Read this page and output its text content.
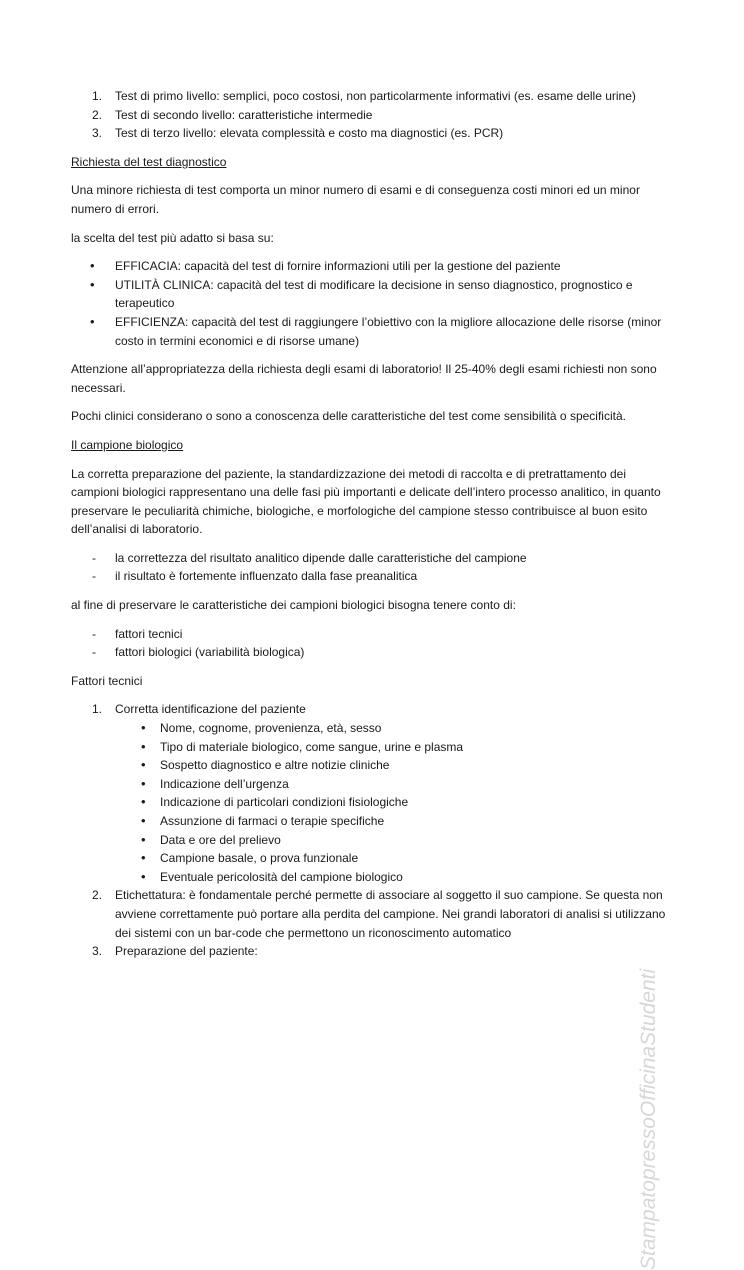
1. Test di primo livello: semplici, poco costosi, non particolarmente informativi (es. esame delle urine)
2. Test di secondo livello: caratteristiche intermedie
3. Test di terzo livello: elevata complessità e costo ma diagnostici (es. PCR)

Richiesta del test diagnostico

Una minore richiesta di test comporta un minor numero di esami e di conseguenza costi minori ed un minor numero di errori.

la scelta del test più adatto si basa su:

• EFFICACIA: capacità del test di fornire informazioni utili per la gestione del paziente
• UTILITÀ CLINICA: capacità del test di modificare la decisione in senso diagnostico, prognostico e terapeutico
• EFFICIENZA: capacità del test di raggiungere l’obiettivo con la migliore allocazione delle risorse (minor costo in termini economici e di risorse umane)

Attenzione all’appropriatezza della richiesta degli esami di laboratorio! Il 25-40% degli esami richiesti non sono necessari.

Pochi clinici considerano o sono a conoscenza delle caratteristiche del test come sensibilità o specificità.

Il campione biologico

La corretta preparazione del paziente, la standardizzazione dei metodi di raccolta e di pretrattamento dei campioni biologici rappresentano una delle fasi più importanti e delicate dell’intero processo analitico, in quanto preservare le peculiarità chimiche, biologiche, e morfologiche del campione stesso contribuisce al buon esito dell’analisi di laboratorio.

- la correttezza del risultato analitico dipende dalle caratteristiche del campione
- il risultato è fortemente influenzato dalla fase preanalitica

al fine di preservare le caratteristiche dei campioni biologici bisogna tenere conto di:

- fattori tecnici
- fattori biologici (variabilità biologica)

Fattori tecnici

1. Corretta identificazione del paziente
• Nome, cognome, provenienza, età, sesso
• Tipo di materiale biologico, come sangue, urine e plasma
• Sospetto diagnostico e altre notizie cliniche
• Indicazione dell’urgenza
• Indicazione di particolari condizioni fisiologiche
• Assunzione di farmaci o terapie specifiche
• Data e ore del prelievo
• Campione basale, o prova funzionale
• Eventuale pericolosità del campione biologico
2. Etichettatura: è fondamentale perché permette di associare al soggetto il suo campione. Se questa non avviene correttamente può portare alla perdita del campione. Nei grandi laboratori di analisi si utilizzano dei sistemi con un bar-code che permettono un riconoscimento automatico
3. Preparazione del paziente:
StampatopressoOfficinaStudenti
